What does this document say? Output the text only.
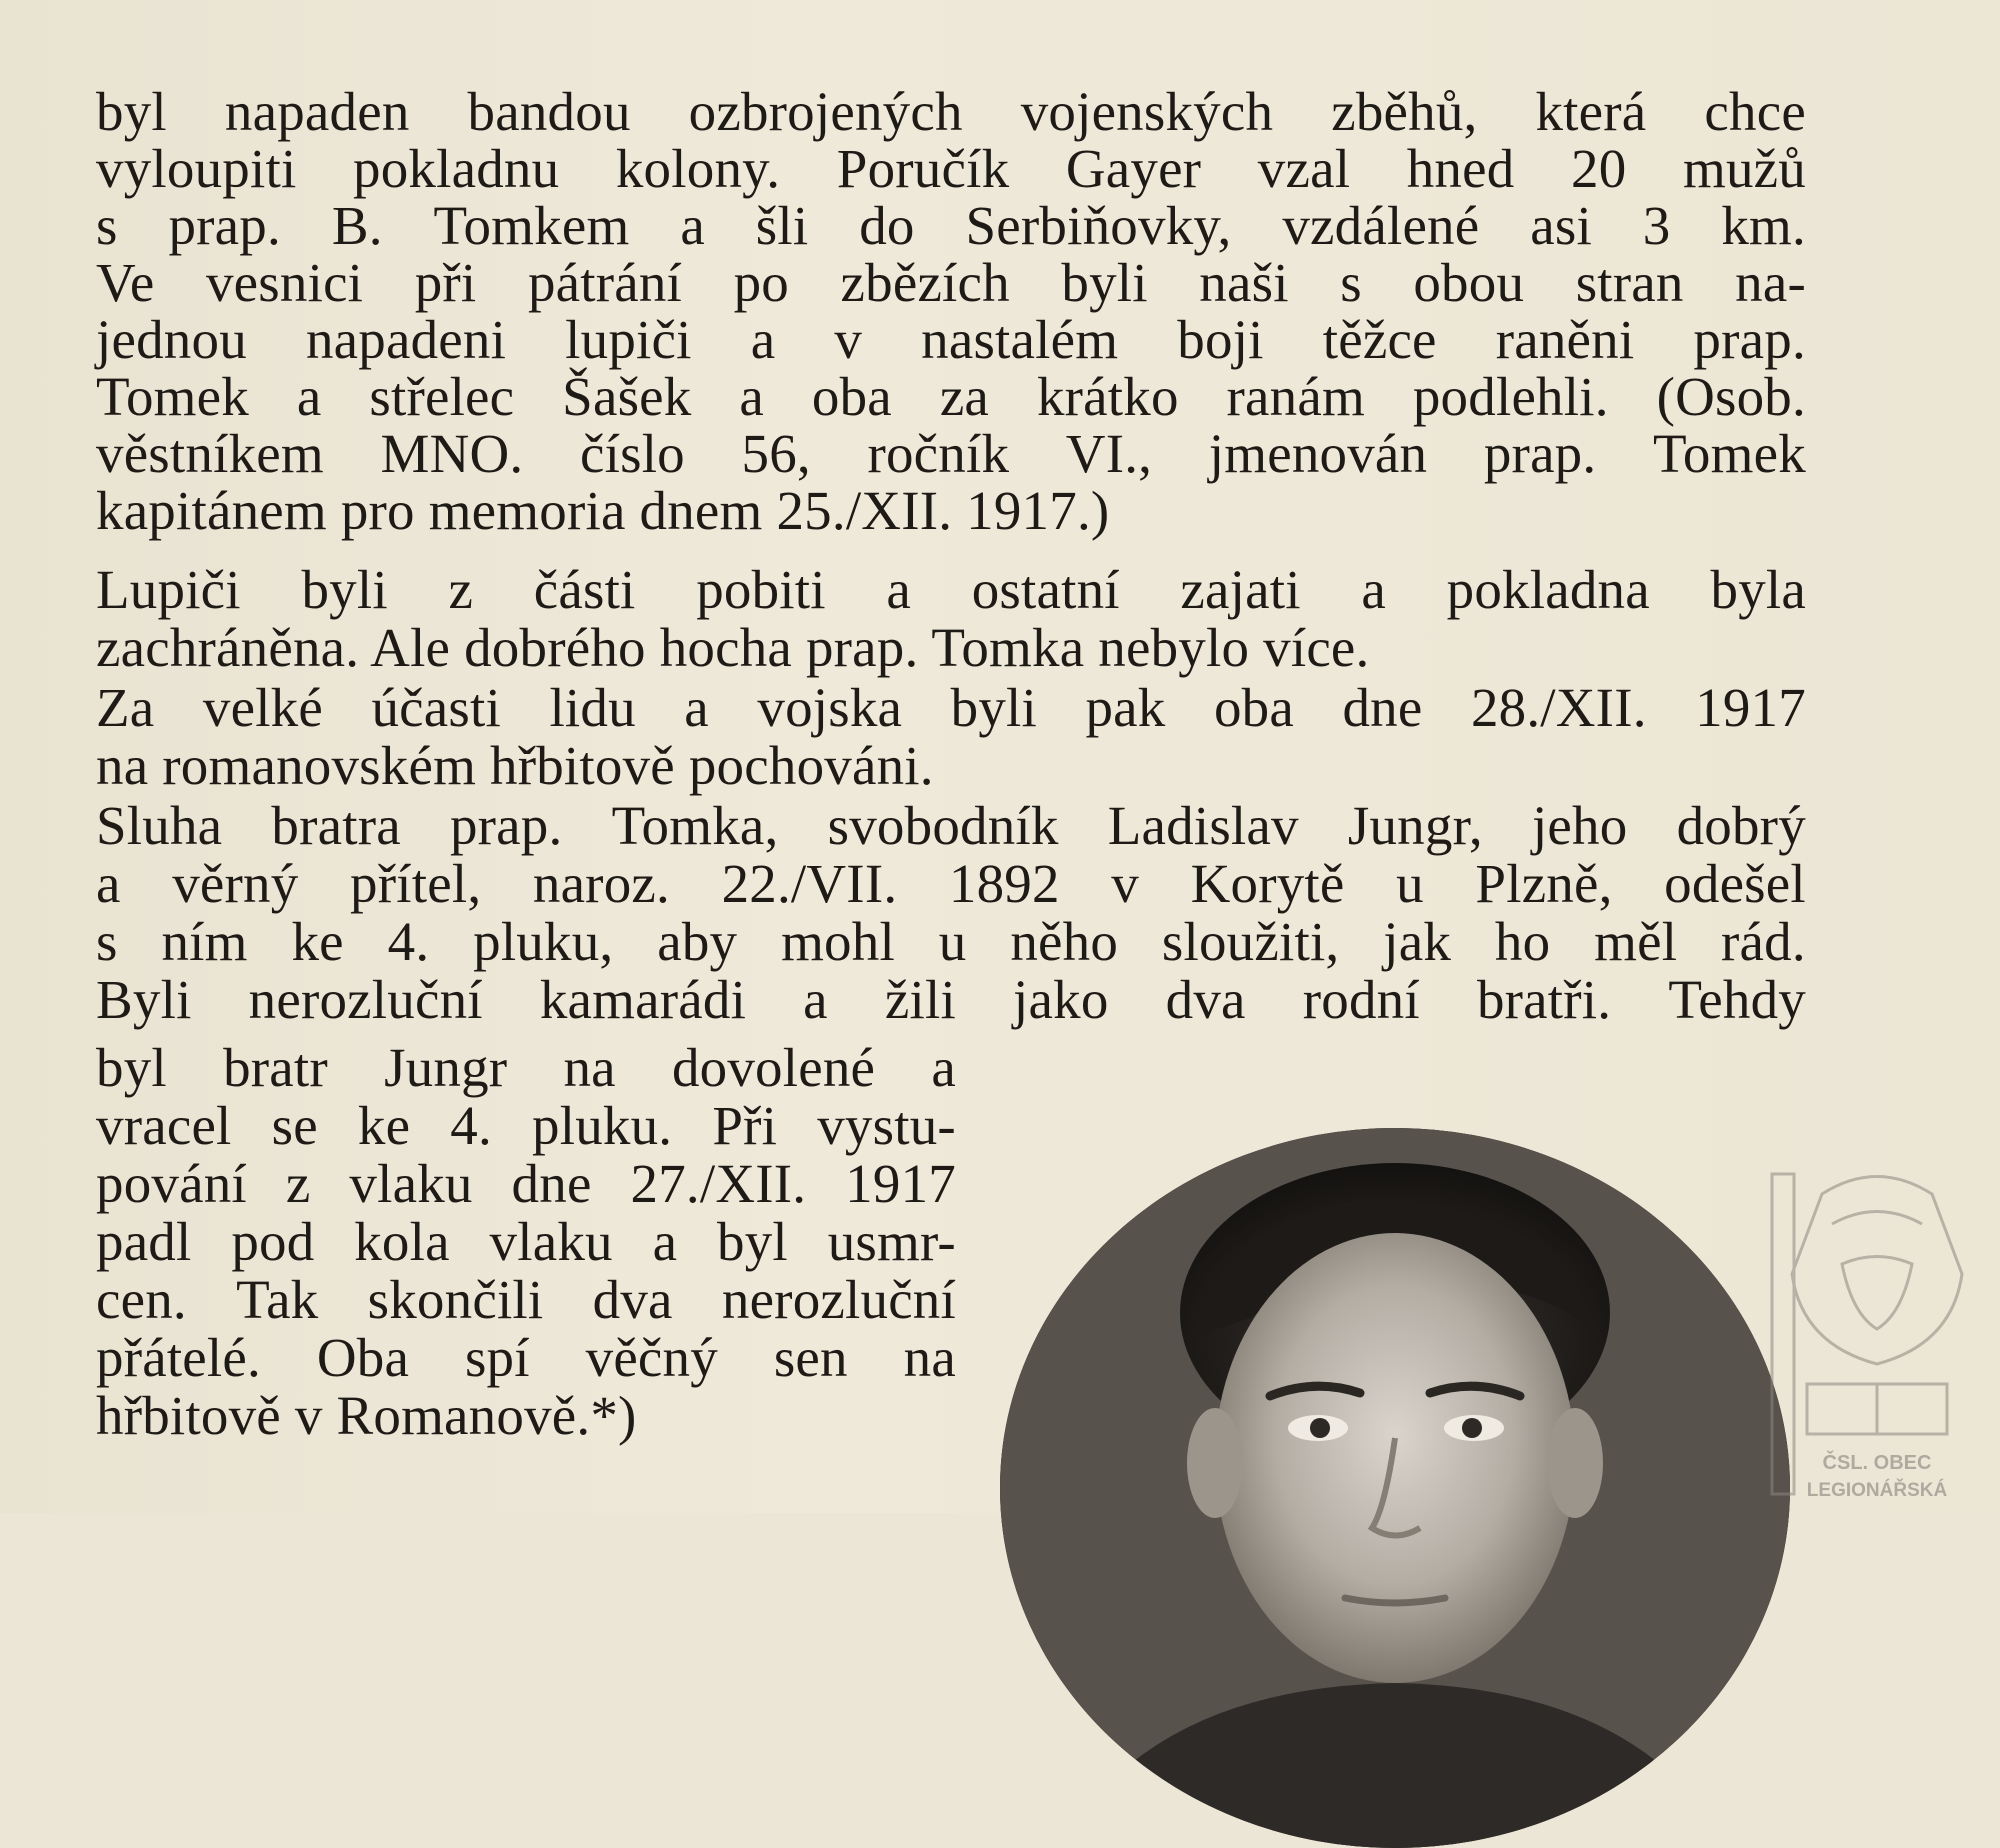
byl napaden bandou ozbrojených vojenských zběhů, která chce
vyloupiti pokladnu kolony. Poručík Gayer vzal hned 20 mužů
s prap. B. Tomkem a šli do Serbiňovky, vzdálené asi 3 km.
Ve vesnici při pátrání po zbězích byli naši s obou stran na-
jednou napadeni lupiči a v nastalém boji těžce raněni prap.
Tomek a střelec Šašek a oba za krátko ranám podlehli. (Osob.
věstníkem MNO. číslo 56, ročník VI., jmenován prap. Tomek
kapitánem pro memoria dnem 25./XII. 1917.)
Lupiči byli z části pobiti a ostatní zajati a pokladna byla
zachráněna. Ale dobrého hocha prap. Tomka nebylo více.
Za velké účasti lidu a vojska byli pak oba dne 28./XII. 1917
na romanovském hřbitově pochováni.
Sluha bratra prap. Tomka, svobodník Ladislav Jungr, jeho dobrý
a věrný přítel, naroz. 22./VII. 1892 v Korytě u Plzně, odešel
s ním ke 4. pluku, aby mohl u něho sloužiti, jak ho měl rád.
Byli nerozluční kamarádi a žili jako dva rodní bratři. Tehdy
byl bratr Jungr na dovolené a
vracel se ke 4. pluku. Při vystu-
pování z vlaku dne 27./XII. 1917
padl pod kola vlaku a byl usmr-
cen. Tak skončili dva nerozluční
přátelé. Oba spí věčný sen na
hřbitově v Romanově.*)
ČSL. OBEC
LEGIONÁŘSKÁ
